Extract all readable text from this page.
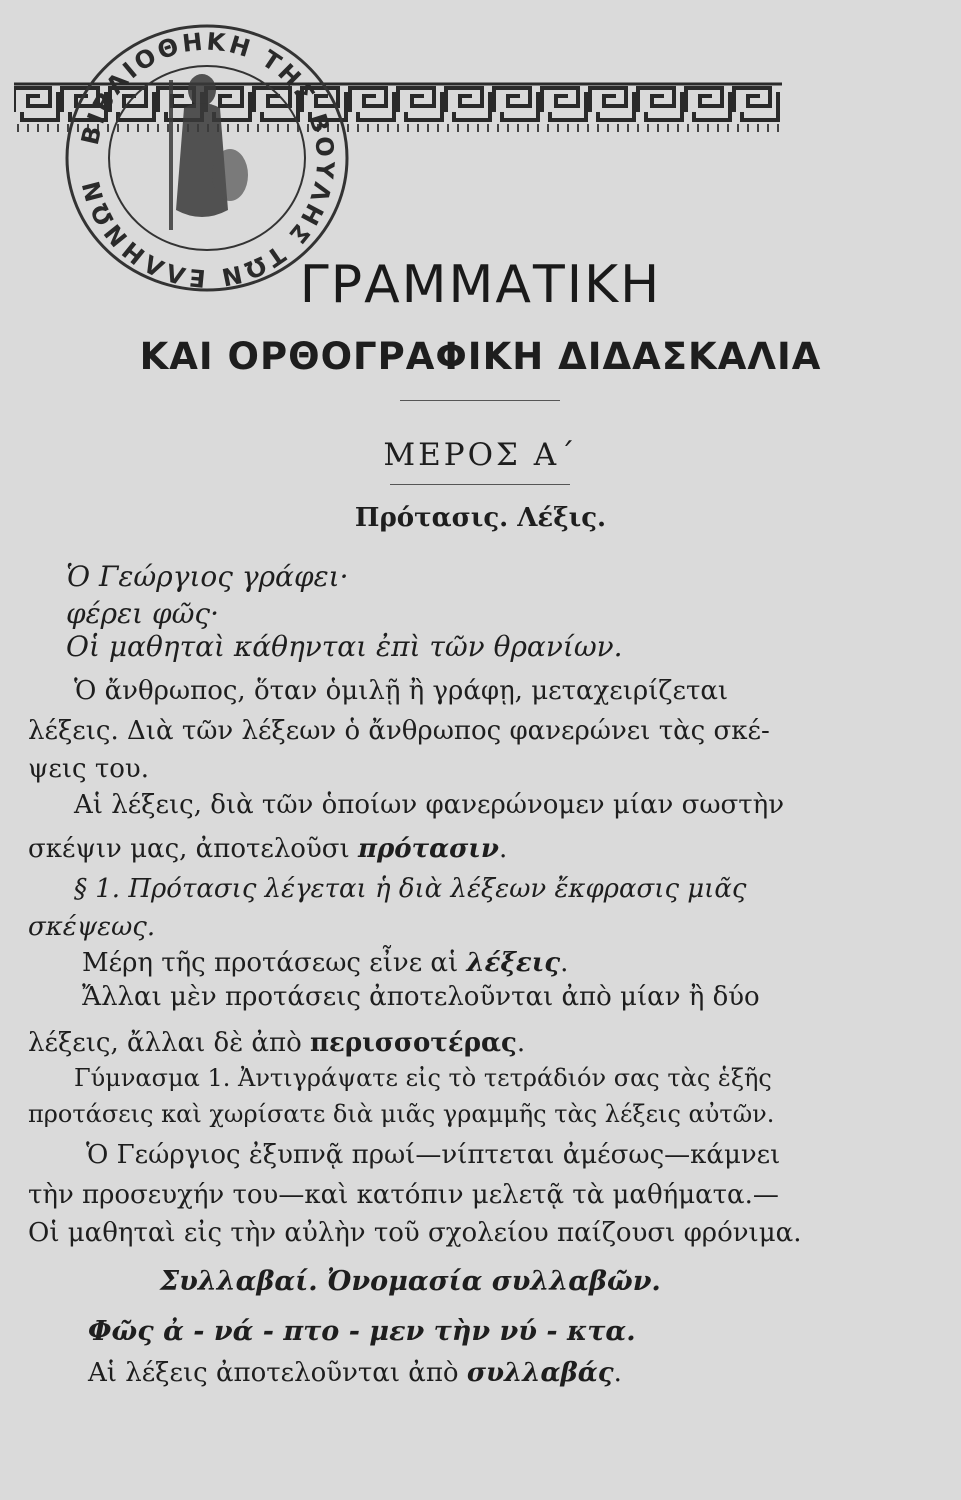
ΒΙΒΛΙΟΘΗΚΗ ΤΗΣ ΒΟΥΛΗΣ ΤΩΝ ΕΛΛΗΝΩΝ
ΓΡΑΜΜΑΤΙΚΗ
ΚΑΙ ΟΡΘΟΓΡΑΦΙΚΗ ΔΙΔΑΣΚΑΛΙΑ
ΜΕΡΟΣ Α΄
Πρότασις. Λέξις.
Ὁ Γεώργιος γράφει·
φέρει φῶς·
Οἱ μαθηταὶ κάθηνται ἐπὶ τῶν θρανίων.
Ὁ ἄνθρωπος, ὅταν ὁμιλῇ ἢ γράφῃ, μεταχειρίζεται
λέξεις. Διὰ τῶν λέξεων ὁ ἄνθρωπος φανερώνει τὰς σκέ-
ψεις του.
Αἱ λέξεις, διὰ τῶν ὁποίων φανερώνομεν μίαν σωστὴν
σκέψιν μας, ἀποτελοῦσι πρότασιν.
§ 1. Πρότασις λέγεται ἡ διὰ λέξεων ἔκφρασις μιᾶς
σκέψεως.
Μέρη τῆς προτάσεως εἶνε αἱ λέξεις.
Ἄλλαι μὲν προτάσεις ἀποτελοῦνται ἀπὸ μίαν ἢ δύο
λέξεις, ἄλλαι δὲ ἀπὸ περισσοτέρας.
Γύμνασμα 1. Ἀντιγράψατε εἰς τὸ τετράδιόν σας τὰς ἑξῆς
προτάσεις καὶ χωρίσατε διὰ μιᾶς γραμμῆς τὰς λέξεις αὐτῶν.
Ὁ Γεώργιος ἐξυπνᾷ πρωί—νίπτεται ἀμέσως—κάμνει
τὴν προσευχήν του—καὶ κατόπιν μελετᾷ τὰ μαθήματα.—
Οἱ μαθηταὶ εἰς τὴν αὐλὴν τοῦ σχολείου παίζουσι φρόνιμα.
Συλλαβαί. Ὀνομασία συλλαβῶν.
Φῶς ἀ - νά - πτο - μεν τὴν νύ - κτα.
Αἱ λέξεις ἀποτελοῦνται ἀπὸ συλλαβάς.
